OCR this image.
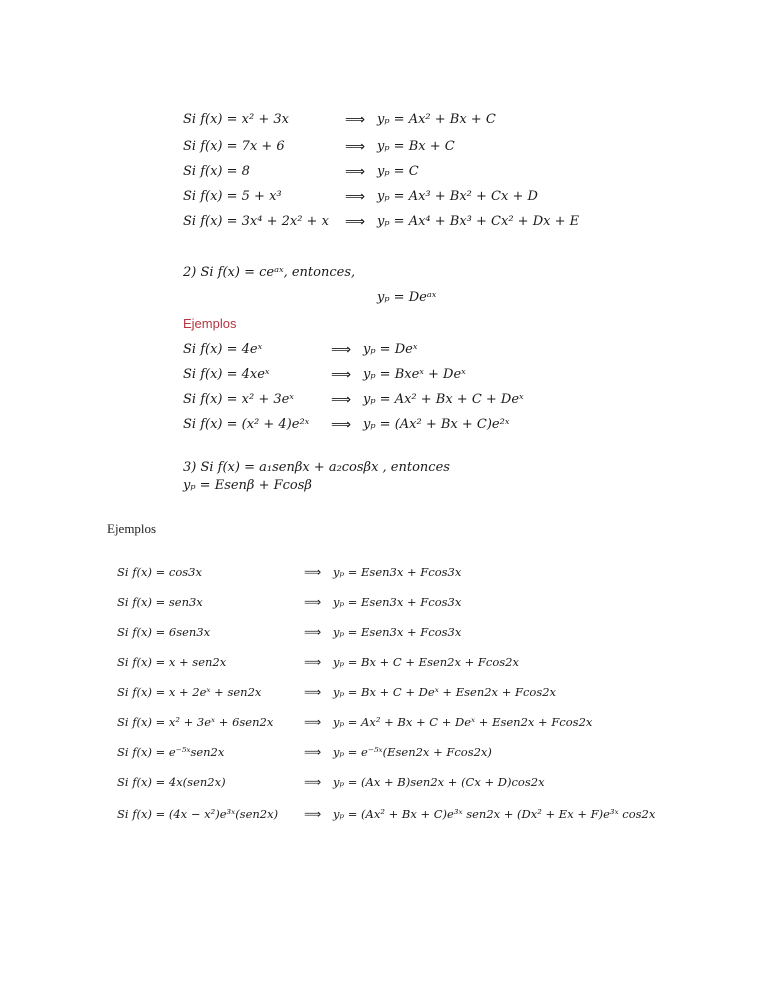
Si f(x) = x² + 3x	⟹ yₚ = Ax² + Bx + C
Si f(x) = 7x + 6	⟹ yₚ = Bx + C
Si f(x) = 8	⟹ yₚ = C
Si f(x) = 5 + x³	⟹ yₚ = Ax³ + Bx² + Cx + D
Si f(x) = 3x⁴ + 2x² + x ⟹ yₚ = Ax⁴ + Bx³ + Cx² + Dx + E
2) Si f(x) = ceᵃˣ, entonces,
yₚ = Deᵃˣ
Ejemplos
Si f(x) = 4eˣ	⟹ yₚ = Deˣ
Si f(x) = 4xeˣ	⟹ yₚ = Bxeˣ + Deˣ
Si f(x) = x² + 3eˣ	⟹ yₚ = Ax² + Bx + C + Deˣ
Si f(x) = (x² + 4)e²ˣ ⟹ yₚ = (Ax² + Bx + C)e²ˣ
3) Si f(x) = a₁senβx + a₂cosβx , entonces
yₚ = Esenβ + Fcosβ
Ejemplos
Si f(x) = cos3x	⟹ yₚ = Esen3x + Fcos3x
Si f(x) = sen3x	⟹ yₚ = Esen3x + Fcos3x
Si f(x) = 6sen3x	⟹ yₚ = Esen3x + Fcos3x
Si f(x) = x + sen2x	⟹ yₚ = Bx + C + Esen2x + Fcos2x
Si f(x) = x + 2eˣ + sen2x	⟹ yₚ = Bx + C + Deˣ + Esen2x + Fcos2x
Si f(x) = x² + 3eˣ + 6sen2x	⟹ yₚ = Ax² + Bx + C + Deˣ + Esen2x + Fcos2x
Si f(x) = e⁻⁵ˣsen2x	⟹ yₚ = e⁻⁵ˣ(Esen2x + Fcos2x)
Si f(x) = 4x(sen2x)	⟹ yₚ = (Ax + B)sen2x + (Cx + D)cos2x
Si f(x) = (4x − x²)e³ˣ(sen2x) ⟹ yₚ = (Ax² + Bx + C)e³ˣ sen2x + (Dx² + Ex + F)e³ˣ cos2x
